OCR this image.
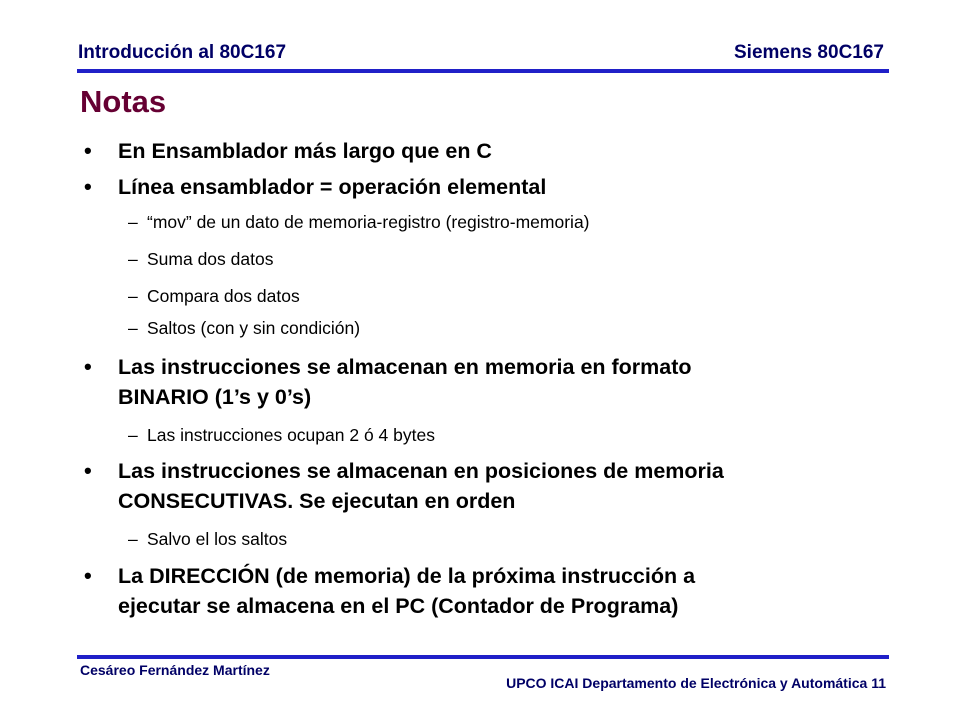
Introducción al 80C167	Siemens 80C167
Notas
• En Ensamblador más largo que en C
• Línea ensamblador = operación elemental
– “mov” de un dato de memoria-registro (registro-memoria)
– Suma dos datos
– Compara dos datos
– Saltos (con y sin condición)
• Las instrucciones se almacenan en memoria en formato
BINARIO (1’s y 0’s)
– Las instrucciones ocupan 2 ó 4 bytes
• Las instrucciones se almacenan en posiciones de memoria
CONSECUTIVAS. Se ejecutan en orden
– Salvo el los saltos
• La DIRECCIÓN (de memoria) de la próxima instrucción a
ejecutar se almacena en el PC (Contador de Programa)
Cesáreo Fernández Martínez
UPCO ICAI Departamento de Electrónica y Automática 11
